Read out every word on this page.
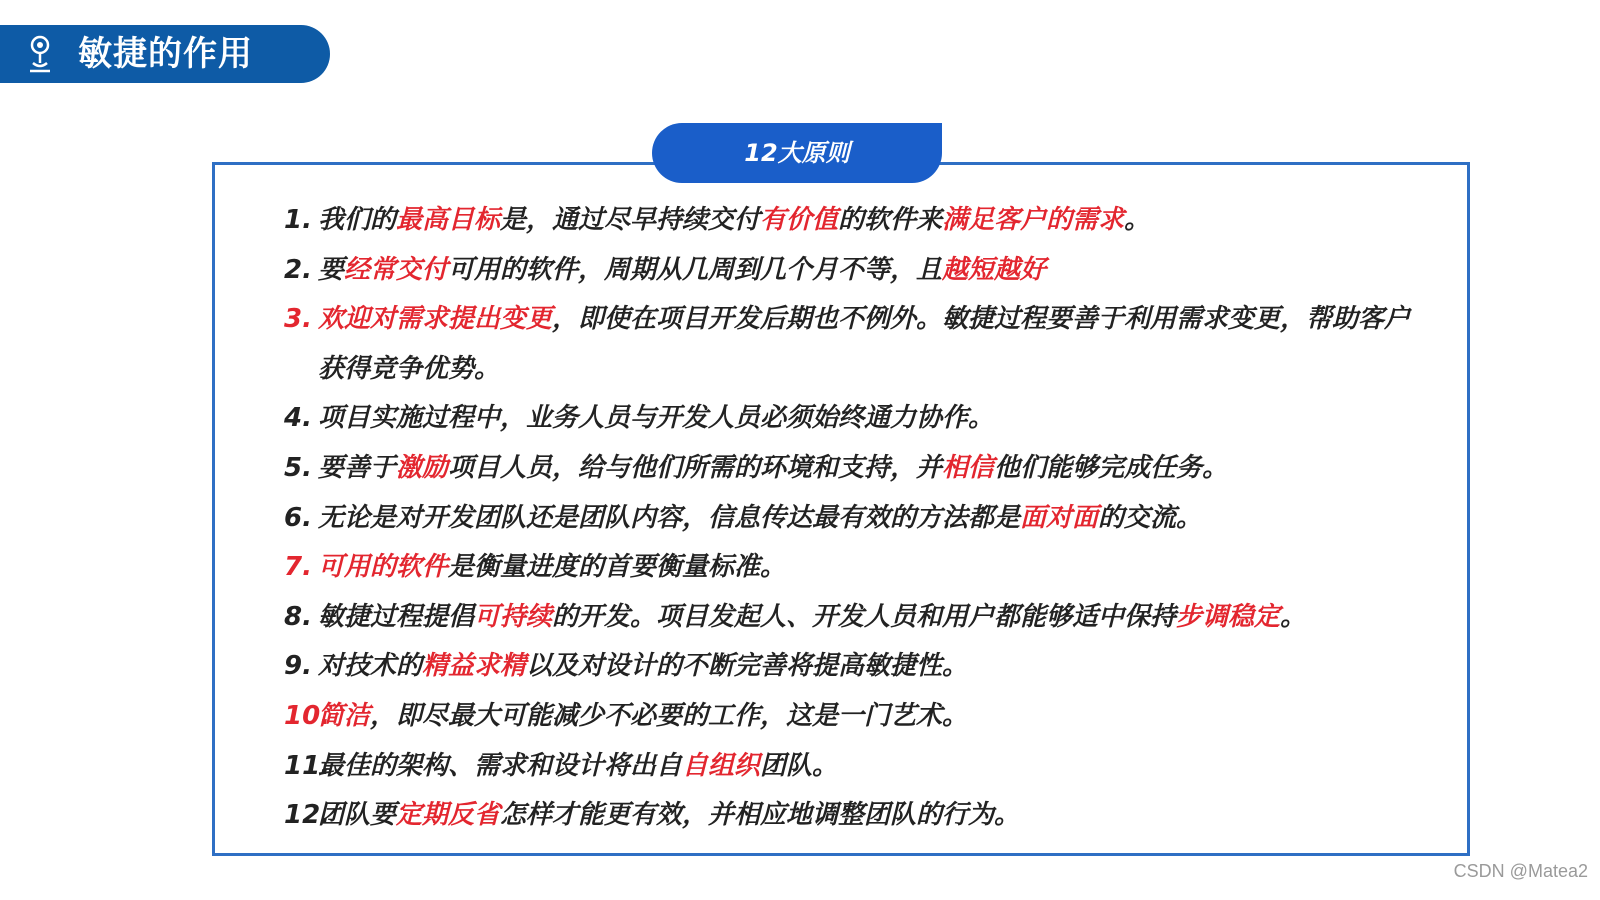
敏捷的作用
12大原则
1. 我们的最高目标是，通过尽早持续交付有价值的软件来满足客户的需求。
2. 要经常交付可用的软件，周期从几周到几个月不等，且越短越好
3. 欢迎对需求提出变更，即使在项目开发后期也不例外。敏捷过程要善于利用需求变更，帮助客户获得竞争优势。
4. 项目实施过程中，业务人员与开发人员必须始终通力协作。
5. 要善于激励项目人员，给与他们所需的环境和支持，并相信他们能够完成任务。
6. 无论是对开发团队还是团队内容，信息传达最有效的方法都是面对面的交流。
7. 可用的软件是衡量进度的首要衡量标准。
8. 敏捷过程提倡可持续的开发。项目发起人、开发人员和用户都能够适中保持步调稳定。
9. 对技术的精益求精以及对设计的不断完善将提高敏捷性。
10.
简洁，即尽最大可能减少不必要的工作，这是一门艺术。
11.
最佳的架构、需求和设计将出自自组织团队。
12.
团队要定期反省怎样才能更有效，并相应地调整团队的行为。
CSDN @Matea2
